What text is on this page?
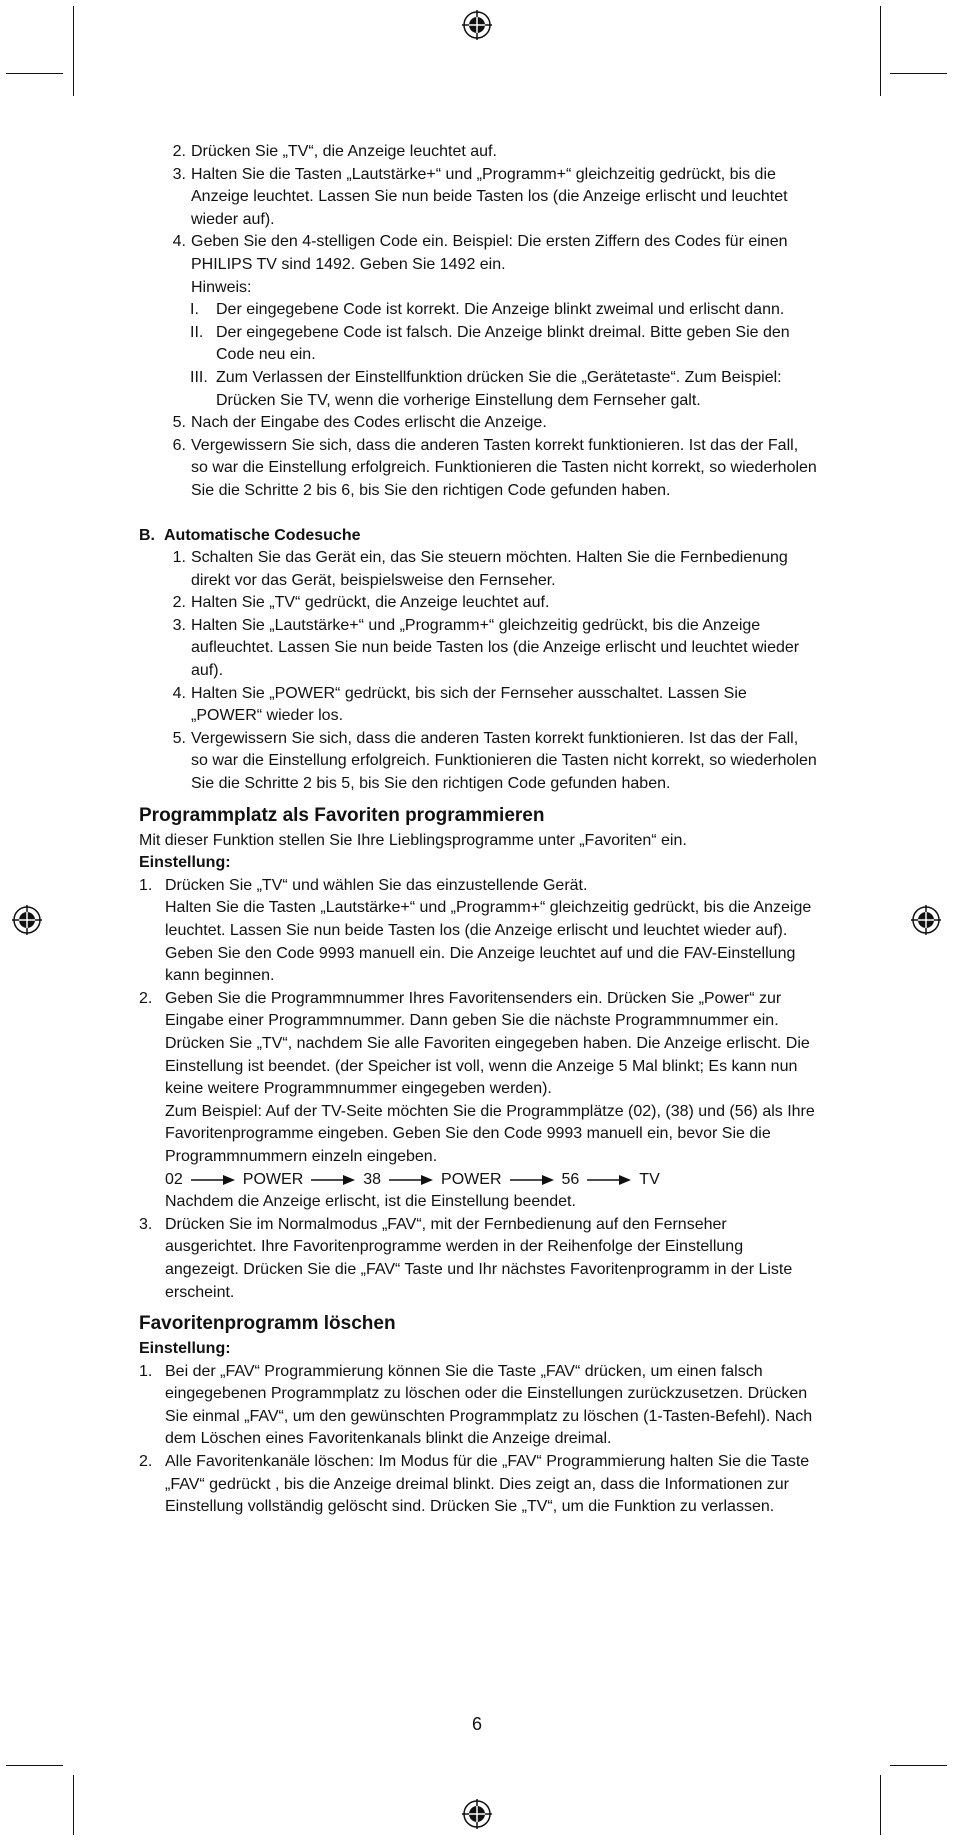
2. Drücken Sie „TV“, die Anzeige leuchtet auf.
3. Halten Sie die Tasten „Lautstärke+“ und „Programm+“ gleichzeitig gedrückt, bis die Anzeige leuchtet. Lassen Sie nun beide Tasten los (die Anzeige erlischt und leuchtet wieder auf).
4. Geben Sie den 4-stelligen Code ein. Beispiel: Die ersten Ziffern des Codes für einen PHILIPS TV sind 1492. Geben Sie 1492 ein.
Hinweis:
I.	Der eingegebene Code ist korrekt. Die Anzeige blinkt zweimal und erlischt dann.
II. Der eingegebene Code ist falsch. Die Anzeige blinkt dreimal. Bitte geben Sie den Code neu ein.
III. Zum Verlassen der Einstellfunktion drücken Sie die „Gerätetaste“. Zum Beispiel: Drücken Sie TV, wenn die vorherige Einstellung dem Fernseher galt.
5. Nach der Eingabe des Codes erlischt die Anzeige.
6. Vergewissern Sie sich, dass die anderen Tasten korrekt funktionieren. Ist das der Fall, so war die Einstellung erfolgreich. Funktionieren die Tasten nicht korrekt, so wiederholen Sie die Schritte 2 bis 6, bis Sie den richtigen Code gefunden haben.
B. Automatische Codesuche
1. Schalten Sie das Gerät ein, das Sie steuern möchten. Halten Sie die Fernbedienung direkt vor das Gerät, beispielsweise den Fernseher.
2. Halten Sie „TV“ gedrückt, die Anzeige leuchtet auf.
3. Halten Sie „Lautstärke+“ und „Programm+“ gleichzeitig gedrückt, bis die Anzeige aufleuchtet. Lassen Sie nun beide Tasten los (die Anzeige erlischt und leuchtet wieder auf).
4. Halten Sie „POWER“ gedrückt, bis sich der Fernseher ausschaltet. Lassen Sie „POWER“ wieder los.
5. Vergewissern Sie sich, dass die anderen Tasten korrekt funktionieren. Ist das der Fall, so war die Einstellung erfolgreich. Funktionieren die Tasten nicht korrekt, so wiederholen Sie die Schritte 2 bis 5, bis Sie den richtigen Code gefunden haben.
Programmplatz als Favoriten programmieren
Mit dieser Funktion stellen Sie Ihre Lieblingsprogramme unter „Favoriten“ ein.
Einstellung:
1. Drücken Sie „TV“ und wählen Sie das einzustellende Gerät.
Halten Sie die Tasten „Lautstärke+“ und „Programm+“ gleichzeitig gedrückt, bis die Anzeige leuchtet. Lassen Sie nun beide Tasten los (die Anzeige erlischt und leuchtet wieder auf).
Geben Sie den Code 9993 manuell ein. Die Anzeige leuchtet auf und die FAV-Einstellung kann beginnen.
2. Geben Sie die Programmnummer Ihres Favoritensenders ein. Drücken Sie „Power“ zur Eingabe einer Programmnummer. Dann geben Sie die nächste Programmnummer ein. Drücken Sie „TV“, nachdem Sie alle Favoriten eingegeben haben. Die Anzeige erlischt. Die Einstellung ist beendet. (der Speicher ist voll, wenn die Anzeige 5 Mal blinkt; Es kann nun keine weitere Programmnummer eingegeben werden).
Zum Beispiel: Auf der TV-Seite möchten Sie die Programmplätze (02), (38) und (56) als Ihre Favoritenprogramme eingeben. Geben Sie den Code 9993 manuell ein, bevor Sie die Programmnummern einzeln eingeben.
02	POWER	38	POWER	56	TV
Nachdem die Anzeige erlischt, ist die Einstellung beendet.
3. Drücken Sie im Normalmodus „FAV“, mit der Fernbedienung auf den Fernseher ausgerichtet. Ihre Favoritenprogramme werden in der Reihenfolge der Einstellung angezeigt. Drücken Sie die „FAV“ Taste und Ihr nächstes Favoritenprogramm in der Liste erscheint.
Favoritenprogramm löschen
Einstellung:
1. Bei der „FAV“ Programmierung können Sie die Taste „FAV“ drücken, um einen falsch eingegebenen Programmplatz zu löschen oder die Einstellungen zurückzusetzen. Drücken Sie einmal „FAV“, um den gewünschten Programmplatz zu löschen (1-Tasten-Befehl). Nach dem Löschen eines Favoritenkanals blinkt die Anzeige dreimal.
2. Alle Favoritenkanäle löschen: Im Modus für die „FAV“ Programmierung halten Sie die Taste „FAV“ gedrückt , bis die Anzeige dreimal blinkt. Dies zeigt an, dass die Informationen zur Einstellung vollständig gelöscht sind. Drücken Sie „TV“, um die Funktion zu verlassen.
6
